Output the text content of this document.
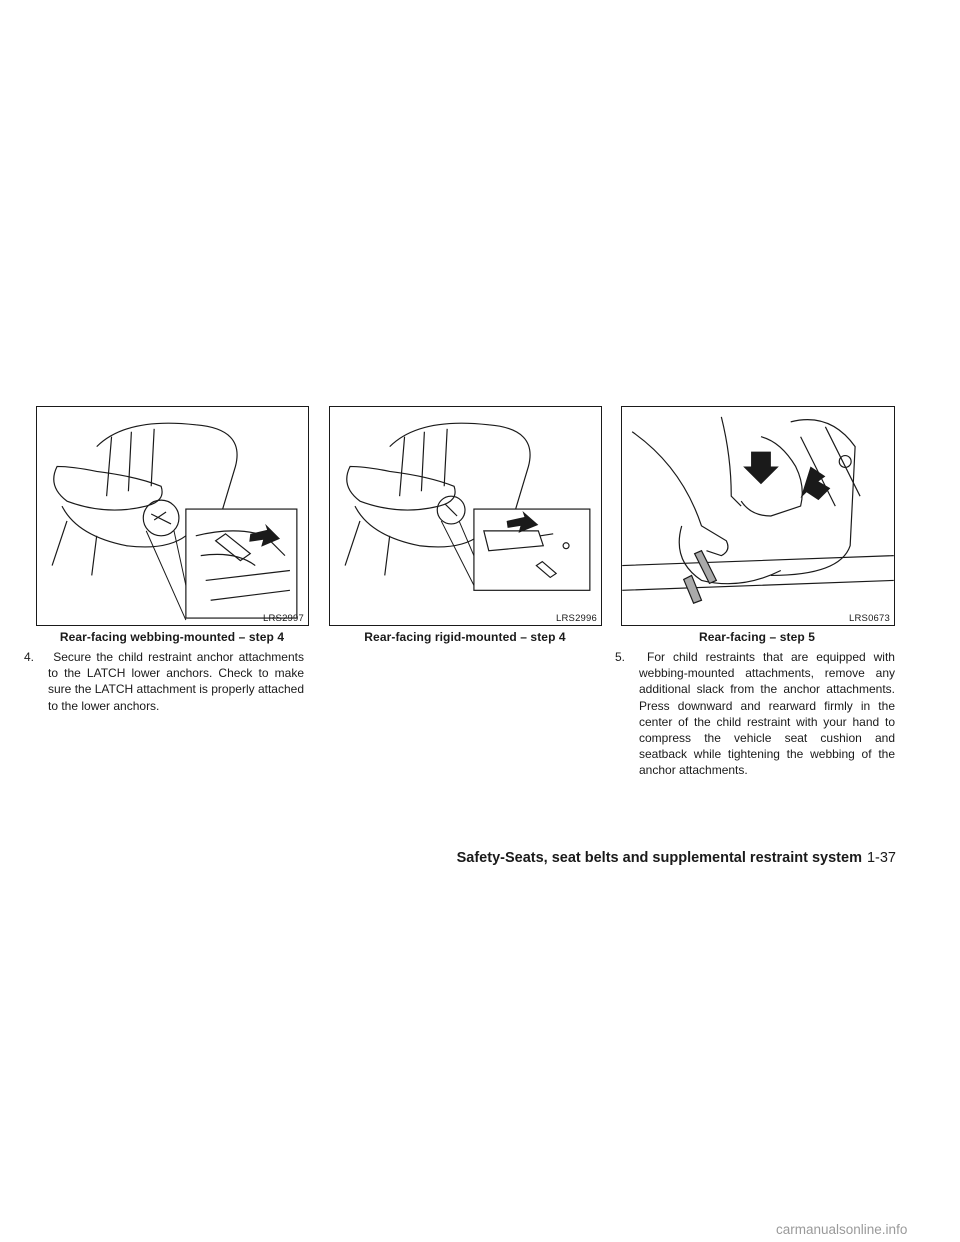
LRS2997
Rear-facing webbing-mounted – step 4
LRS2996
Rear-facing rigid-mounted – step 4
LRS0673
Rear-facing – step 5
4. Secure the child restraint anchor attachments to the LATCH lower anchors. Check to make sure the LATCH attachment is properly attached to the lower anchors.
5. For child restraints that are equipped with webbing-mounted attachments, remove any additional slack from the anchor attachments. Press downward and rearward firmly in the center of the child restraint with your hand to compress the vehicle seat cushion and seatback while tightening the webbing of the anchor attachments.
Safety-Seats, seat belts and supplemental restraint system 1-37
carmanualsonline.info
